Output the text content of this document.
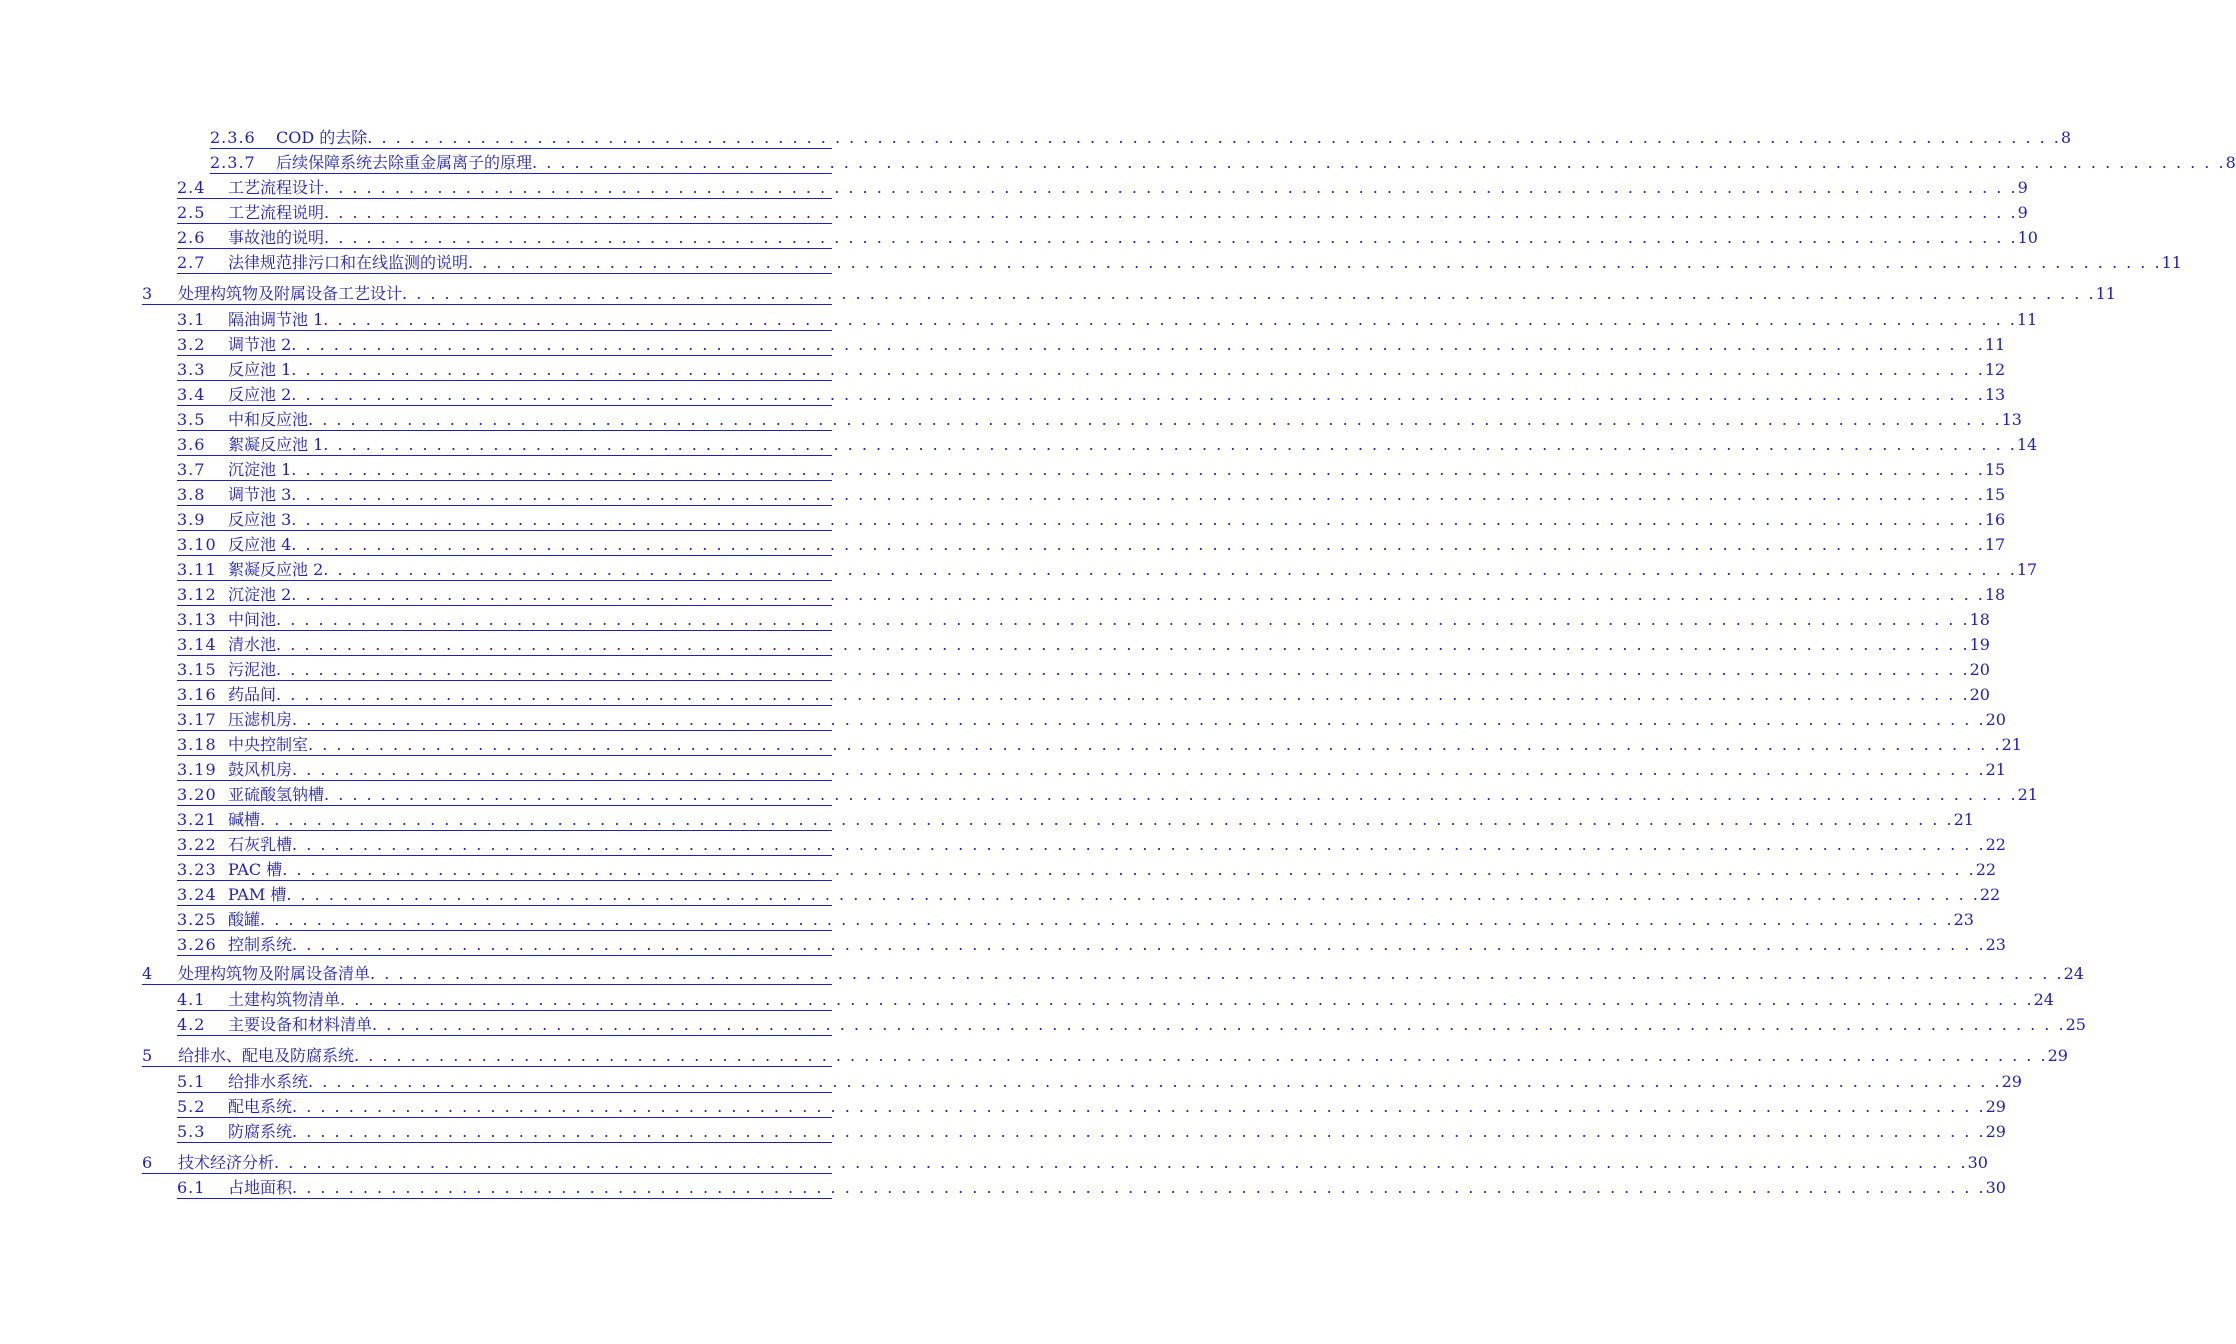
2.3.6	COD 的去除 . . . . . . . . . . . . . . . . . . . . . . . . . . . . . . . . . . . . . . . . . . . . . . . . . . . . . . . . . . . . . . . . . . . . . . . . . . . . . . . . . . . . . . . . . . . . . . . . . . . . . . . . . . . . . . . . . . . . . . . . 8
2.3.7	后续保障系统去除重金属离子的原理 . . . . . . . . . . . . . . . . . . . . . . . . . . . . . . . . . . . . . . . . . . . . . . . . . . . . . . . . . . . . . . . . . . . . . . . . . . . . . . . . . . . . . . . . . . . . . . . . . . . . . . . . . . . . . . . . . . . . . . . . 8
2.4	工艺流程设计 . . . . . . . . . . . . . . . . . . . . . . . . . . . . . . . . . . . . . . . . . . . . . . . . . . . . . . . . . . . . . . . . . . . . . . . . . . . . . . . . . . . . . . . . . . . . . . . . . . . . . . . . . . . . . . . . . . . . . . . . 9
2.5	工艺流程说明 . . . . . . . . . . . . . . . . . . . . . . . . . . . . . . . . . . . . . . . . . . . . . . . . . . . . . . . . . . . . . . . . . . . . . . . . . . . . . . . . . . . . . . . . . . . . . . . . . . . . . . . . . . . . . . . . . . . . . . . . 9
2.6	事故池的说明 . . . . . . . . . . . . . . . . . . . . . . . . . . . . . . . . . . . . . . . . . . . . . . . . . . . . . . . . . . . . . . . . . . . . . . . . . . . . . . . . . . . . . . . . . . . . . . . . . . . . . . . . . . . . . . . . . . . . . . . . 10
2.7	法律规范排污口和在线监测的说明 . . . . . . . . . . . . . . . . . . . . . . . . . . . . . . . . . . . . . . . . . . . . . . . . . . . . . . . . . . . . . . . . . . . . . . . . . . . . . . . . . . . . . . . . . . . . . . . . . . . . . . . . . . . . . . . . . . . . . . . . 11
3	处理构筑物及附属设备工艺设计 . . . . . . . . . . . . . . . . . . . . . . . . . . . . . . . . . . . . . . . . . . . . . . . . . . . . . . . . . . . . . . . . . . . . . . . . . . . . . . . . . . . . . . . . . . . . . . . . . . . . . . . . . . . . . . . . . . . . . . . . 11
3.1	隔油调节池 1 . . . . . . . . . . . . . . . . . . . . . . . . . . . . . . . . . . . . . . . . . . . . . . . . . . . . . . . . . . . . . . . . . . . . . . . . . . . . . . . . . . . . . . . . . . . . . . . . . . . . . . . . . . . . . . . . . . . . . . . . 11
3.2	调节池 2 . . . . . . . . . . . . . . . . . . . . . . . . . . . . . . . . . . . . . . . . . . . . . . . . . . . . . . . . . . . . . . . . . . . . . . . . . . . . . . . . . . . . . . . . . . . . . . . . . . . . . . . . . . . . . . . . . . . . . . . . 11
3.3	反应池 1 . . . . . . . . . . . . . . . . . . . . . . . . . . . . . . . . . . . . . . . . . . . . . . . . . . . . . . . . . . . . . . . . . . . . . . . . . . . . . . . . . . . . . . . . . . . . . . . . . . . . . . . . . . . . . . . . . . . . . . . . 12
3.4	反应池 2 . . . . . . . . . . . . . . . . . . . . . . . . . . . . . . . . . . . . . . . . . . . . . . . . . . . . . . . . . . . . . . . . . . . . . . . . . . . . . . . . . . . . . . . . . . . . . . . . . . . . . . . . . . . . . . . . . . . . . . . . 13
3.5	中和反应池 . . . . . . . . . . . . . . . . . . . . . . . . . . . . . . . . . . . . . . . . . . . . . . . . . . . . . . . . . . . . . . . . . . . . . . . . . . . . . . . . . . . . . . . . . . . . . . . . . . . . . . . . . . . . . . . . . . . . . . . . 13
3.6	絮凝反应池 1 . . . . . . . . . . . . . . . . . . . . . . . . . . . . . . . . . . . . . . . . . . . . . . . . . . . . . . . . . . . . . . . . . . . . . . . . . . . . . . . . . . . . . . . . . . . . . . . . . . . . . . . . . . . . . . . . . . . . . . . . 14
3.7	沉淀池 1 . . . . . . . . . . . . . . . . . . . . . . . . . . . . . . . . . . . . . . . . . . . . . . . . . . . . . . . . . . . . . . . . . . . . . . . . . . . . . . . . . . . . . . . . . . . . . . . . . . . . . . . . . . . . . . . . . . . . . . . . 15
3.8	调节池 3 . . . . . . . . . . . . . . . . . . . . . . . . . . . . . . . . . . . . . . . . . . . . . . . . . . . . . . . . . . . . . . . . . . . . . . . . . . . . . . . . . . . . . . . . . . . . . . . . . . . . . . . . . . . . . . . . . . . . . . . . 15
3.9	反应池 3 . . . . . . . . . . . . . . . . . . . . . . . . . . . . . . . . . . . . . . . . . . . . . . . . . . . . . . . . . . . . . . . . . . . . . . . . . . . . . . . . . . . . . . . . . . . . . . . . . . . . . . . . . . . . . . . . . . . . . . . . 16
3.10 反应池 4 . . . . . . . . . . . . . . . . . . . . . . . . . . . . . . . . . . . . . . . . . . . . . . . . . . . . . . . . . . . . . . . . . . . . . . . . . . . . . . . . . . . . . . . . . . . . . . . . . . . . . . . . . . . . . . . . . . . . . . . . 17
3.11 絮凝反应池 2 . . . . . . . . . . . . . . . . . . . . . . . . . . . . . . . . . . . . . . . . . . . . . . . . . . . . . . . . . . . . . . . . . . . . . . . . . . . . . . . . . . . . . . . . . . . . . . . . . . . . . . . . . . . . . . . . . . . . . . . . 17
3.12 沉淀池 2 . . . . . . . . . . . . . . . . . . . . . . . . . . . . . . . . . . . . . . . . . . . . . . . . . . . . . . . . . . . . . . . . . . . . . . . . . . . . . . . . . . . . . . . . . . . . . . . . . . . . . . . . . . . . . . . . . . . . . . . . 18
3.13 中间池 . . . . . . . . . . . . . . . . . . . . . . . . . . . . . . . . . . . . . . . . . . . . . . . . . . . . . . . . . . . . . . . . . . . . . . . . . . . . . . . . . . . . . . . . . . . . . . . . . . . . . . . . . . . . . . . . . . . . . . . . 18
3.14 清水池 . . . . . . . . . . . . . . . . . . . . . . . . . . . . . . . . . . . . . . . . . . . . . . . . . . . . . . . . . . . . . . . . . . . . . . . . . . . . . . . . . . . . . . . . . . . . . . . . . . . . . . . . . . . . . . . . . . . . . . . . 19
3.15 污泥池 . . . . . . . . . . . . . . . . . . . . . . . . . . . . . . . . . . . . . . . . . . . . . . . . . . . . . . . . . . . . . . . . . . . . . . . . . . . . . . . . . . . . . . . . . . . . . . . . . . . . . . . . . . . . . . . . . . . . . . . . 20
3.16 药品间 . . . . . . . . . . . . . . . . . . . . . . . . . . . . . . . . . . . . . . . . . . . . . . . . . . . . . . . . . . . . . . . . . . . . . . . . . . . . . . . . . . . . . . . . . . . . . . . . . . . . . . . . . . . . . . . . . . . . . . . . 20
3.17 压滤机房 . . . . . . . . . . . . . . . . . . . . . . . . . . . . . . . . . . . . . . . . . . . . . . . . . . . . . . . . . . . . . . . . . . . . . . . . . . . . . . . . . . . . . . . . . . . . . . . . . . . . . . . . . . . . . . . . . . . . . . . . 20
3.18 中央控制室 . . . . . . . . . . . . . . . . . . . . . . . . . . . . . . . . . . . . . . . . . . . . . . . . . . . . . . . . . . . . . . . . . . . . . . . . . . . . . . . . . . . . . . . . . . . . . . . . . . . . . . . . . . . . . . . . . . . . . . . . 21
3.19 鼓风机房 . . . . . . . . . . . . . . . . . . . . . . . . . . . . . . . . . . . . . . . . . . . . . . . . . . . . . . . . . . . . . . . . . . . . . . . . . . . . . . . . . . . . . . . . . . . . . . . . . . . . . . . . . . . . . . . . . . . . . . . . 21
3.20 亚硫酸氢钠槽 . . . . . . . . . . . . . . . . . . . . . . . . . . . . . . . . . . . . . . . . . . . . . . . . . . . . . . . . . . . . . . . . . . . . . . . . . . . . . . . . . . . . . . . . . . . . . . . . . . . . . . . . . . . . . . . . . . . . . . . . 21
3.21 碱槽 . . . . . . . . . . . . . . . . . . . . . . . . . . . . . . . . . . . . . . . . . . . . . . . . . . . . . . . . . . . . . . . . . . . . . . . . . . . . . . . . . . . . . . . . . . . . . . . . . . . . . . . . . . . . . . . . . . . . . . . . 21
3.22 石灰乳槽 . . . . . . . . . . . . . . . . . . . . . . . . . . . . . . . . . . . . . . . . . . . . . . . . . . . . . . . . . . . . . . . . . . . . . . . . . . . . . . . . . . . . . . . . . . . . . . . . . . . . . . . . . . . . . . . . . . . . . . . . 22
3.23 PAC 槽 . . . . . . . . . . . . . . . . . . . . . . . . . . . . . . . . . . . . . . . . . . . . . . . . . . . . . . . . . . . . . . . . . . . . . . . . . . . . . . . . . . . . . . . . . . . . . . . . . . . . . . . . . . . . . . . . . . . . . . . . 22
3.24 PAM 槽 . . . . . . . . . . . . . . . . . . . . . . . . . . . . . . . . . . . . . . . . . . . . . . . . . . . . . . . . . . . . . . . . . . . . . . . . . . . . . . . . . . . . . . . . . . . . . . . . . . . . . . . . . . . . . . . . . . . . . . . . 22
3.25 酸罐 . . . . . . . . . . . . . . . . . . . . . . . . . . . . . . . . . . . . . . . . . . . . . . . . . . . . . . . . . . . . . . . . . . . . . . . . . . . . . . . . . . . . . . . . . . . . . . . . . . . . . . . . . . . . . . . . . . . . . . . . 23
3.26 控制系统 . . . . . . . . . . . . . . . . . . . . . . . . . . . . . . . . . . . . . . . . . . . . . . . . . . . . . . . . . . . . . . . . . . . . . . . . . . . . . . . . . . . . . . . . . . . . . . . . . . . . . . . . . . . . . . . . . . . . . . . . 23
4	处理构筑物及附属设备清单 . . . . . . . . . . . . . . . . . . . . . . . . . . . . . . . . . . . . . . . . . . . . . . . . . . . . . . . . . . . . . . . . . . . . . . . . . . . . . . . . . . . . . . . . . . . . . . . . . . . . . . . . . . . . . . . . . . . . . . . . 24
4.1	土建构筑物清单 . . . . . . . . . . . . . . . . . . . . . . . . . . . . . . . . . . . . . . . . . . . . . . . . . . . . . . . . . . . . . . . . . . . . . . . . . . . . . . . . . . . . . . . . . . . . . . . . . . . . . . . . . . . . . . . . . . . . . . . . 24
4.2	主要设备和材料清单 . . . . . . . . . . . . . . . . . . . . . . . . . . . . . . . . . . . . . . . . . . . . . . . . . . . . . . . . . . . . . . . . . . . . . . . . . . . . . . . . . . . . . . . . . . . . . . . . . . . . . . . . . . . . . . . . . . . . . . . . 25
5	给排水、配电及防腐系统 . . . . . . . . . . . . . . . . . . . . . . . . . . . . . . . . . . . . . . . . . . . . . . . . . . . . . . . . . . . . . . . . . . . . . . . . . . . . . . . . . . . . . . . . . . . . . . . . . . . . . . . . . . . . . . . . . . . . . . . . 29
5.1	给排水系统 . . . . . . . . . . . . . . . . . . . . . . . . . . . . . . . . . . . . . . . . . . . . . . . . . . . . . . . . . . . . . . . . . . . . . . . . . . . . . . . . . . . . . . . . . . . . . . . . . . . . . . . . . . . . . . . . . . . . . . . . 29
5.2	配电系统 . . . . . . . . . . . . . . . . . . . . . . . . . . . . . . . . . . . . . . . . . . . . . . . . . . . . . . . . . . . . . . . . . . . . . . . . . . . . . . . . . . . . . . . . . . . . . . . . . . . . . . . . . . . . . . . . . . . . . . . . 29
5.3	防腐系统 . . . . . . . . . . . . . . . . . . . . . . . . . . . . . . . . . . . . . . . . . . . . . . . . . . . . . . . . . . . . . . . . . . . . . . . . . . . . . . . . . . . . . . . . . . . . . . . . . . . . . . . . . . . . . . . . . . . . . . . . 29
6	技术经济分析 . . . . . . . . . . . . . . . . . . . . . . . . . . . . . . . . . . . . . . . . . . . . . . . . . . . . . . . . . . . . . . . . . . . . . . . . . . . . . . . . . . . . . . . . . . . . . . . . . . . . . . . . . . . . . . . . . . . . . . . . 30
6.1	占地面积 . . . . . . . . . . . . . . . . . . . . . . . . . . . . . . . . . . . . . . . . . . . . . . . . . . . . . . . . . . . . . . . . . . . . . . . . . . . . . . . . . . . . . . . . . . . . . . . . . . . . . . . . . . . . . . . . . . . . . . . . 30
